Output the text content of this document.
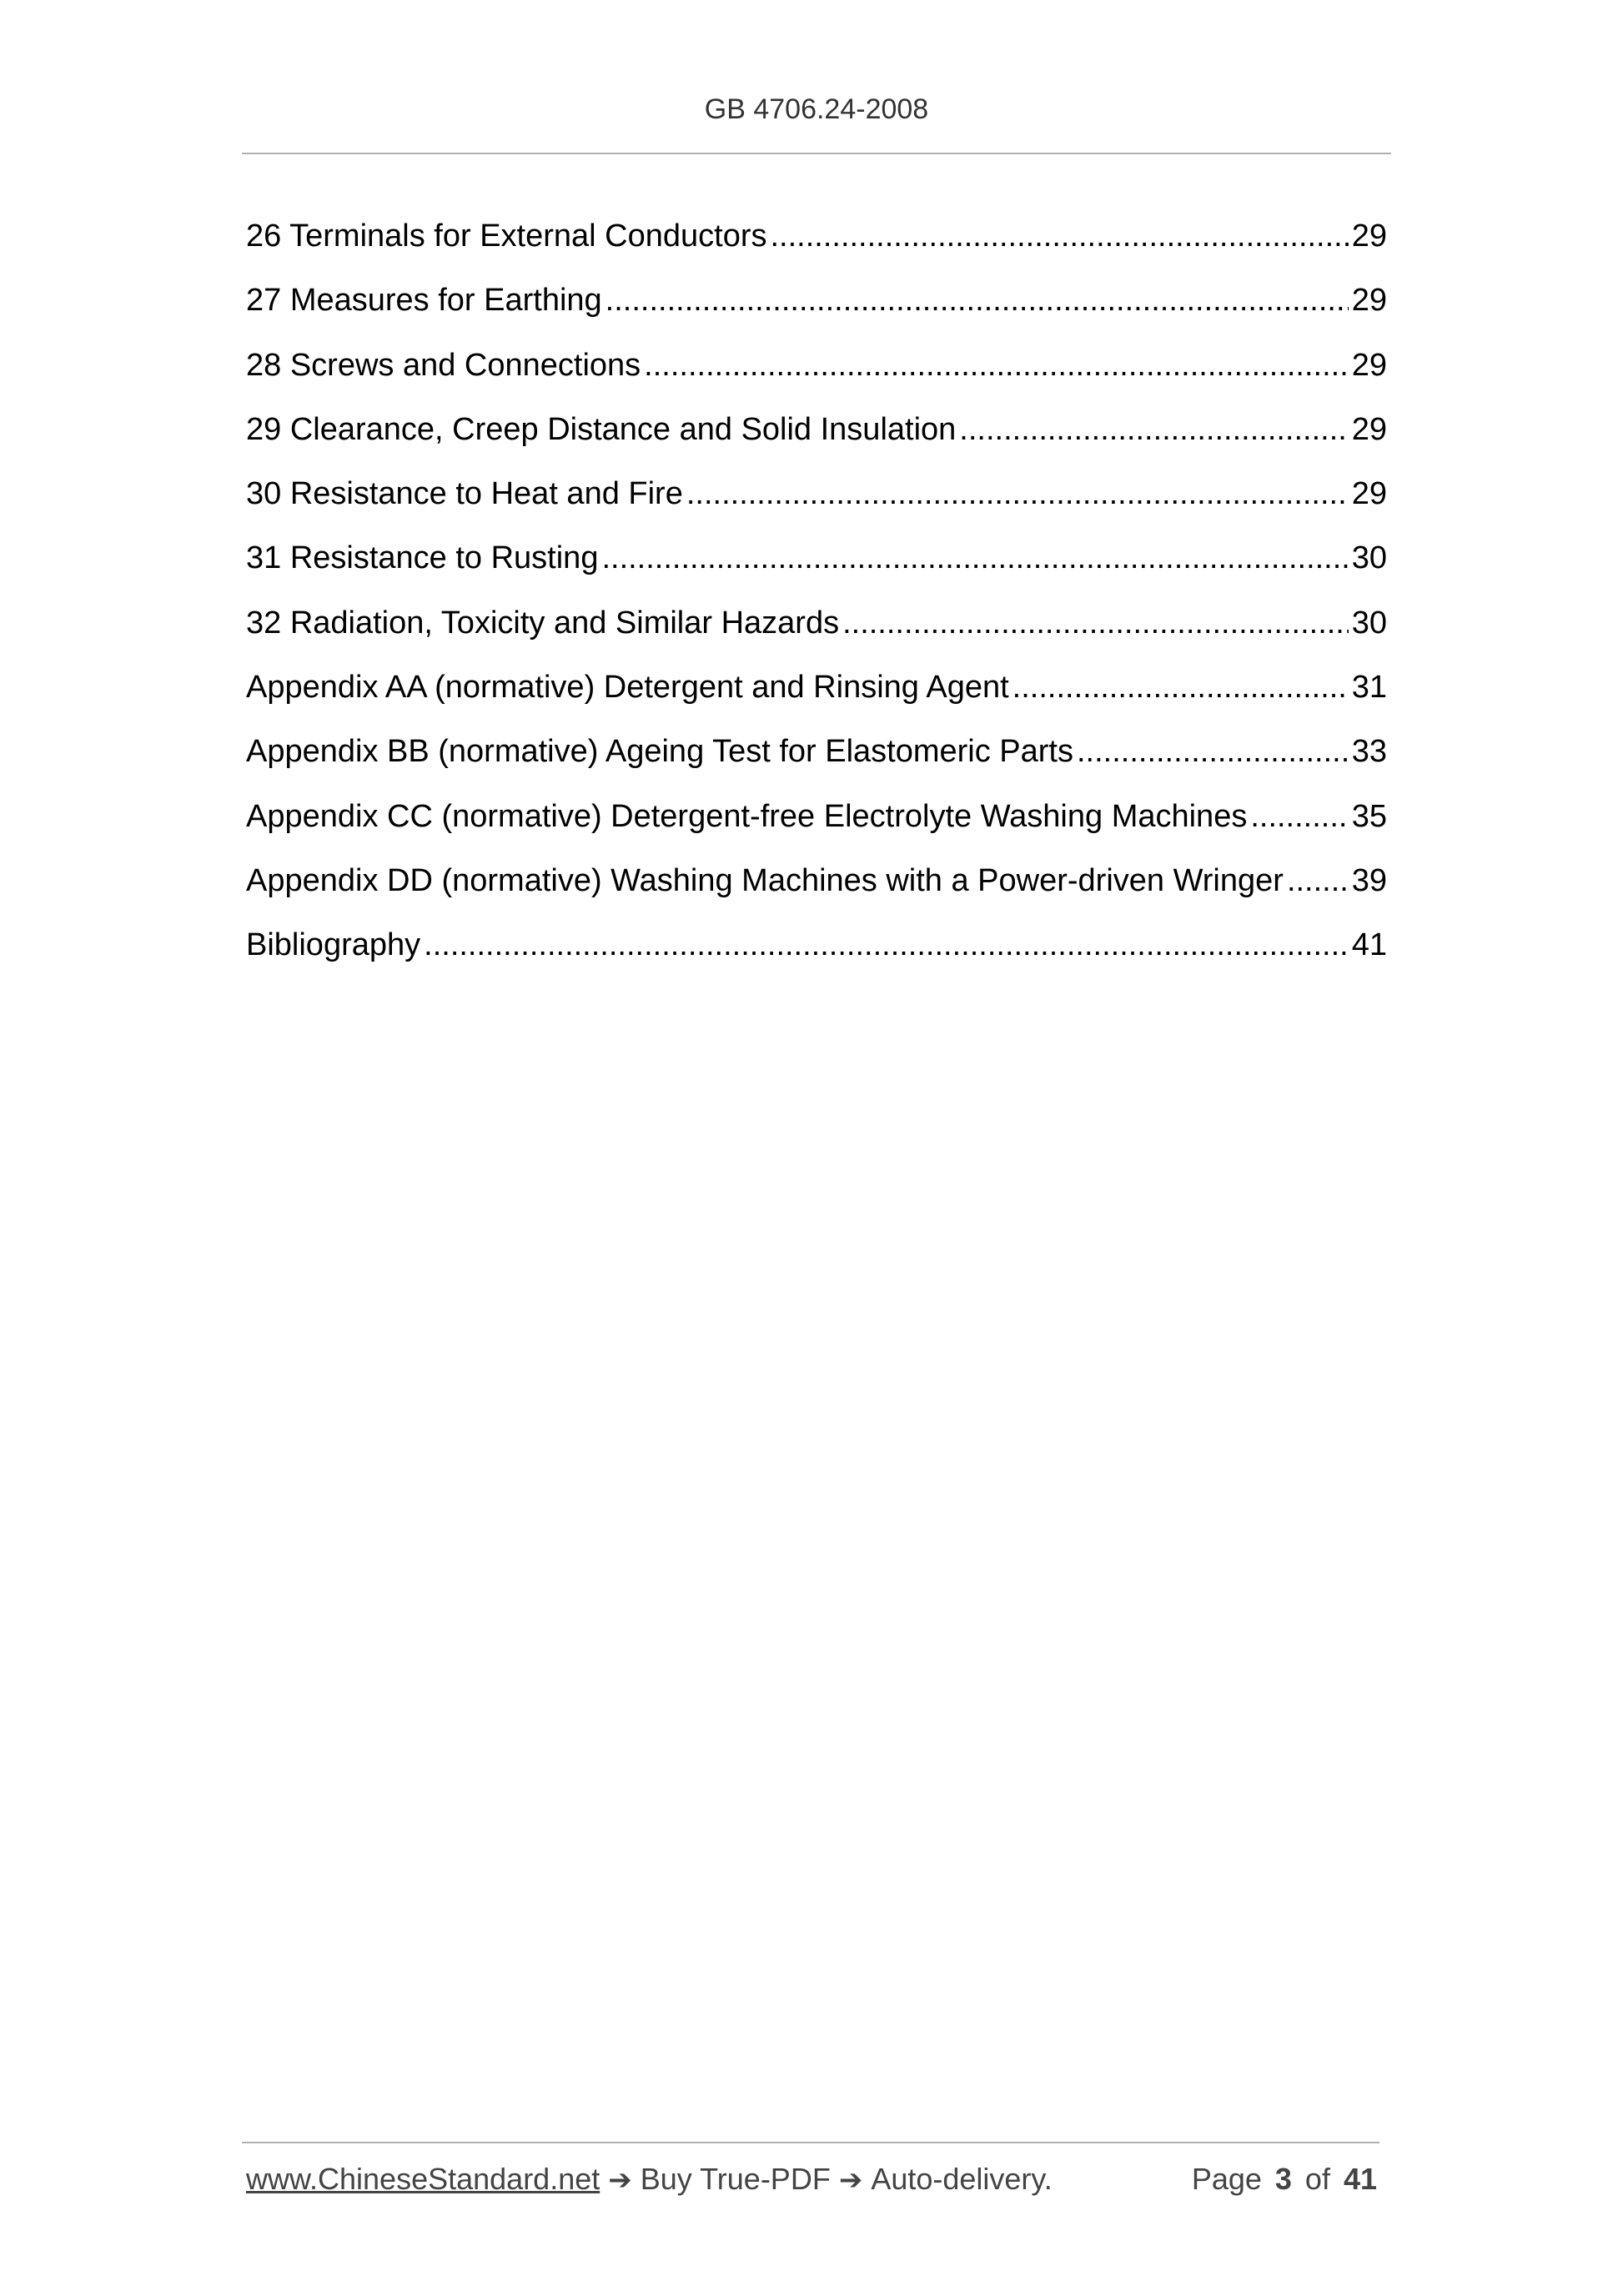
GB 4706.24-2008
26 Terminals for External Conductors .....	29
27 Measures for Earthing .....	29
28 Screws and Connections .....	29
29 Clearance, Creep Distance and Solid Insulation .....	29
30 Resistance to Heat and Fire .....	29
31 Resistance to Rusting .....	30
32 Radiation, Toxicity and Similar Hazards .....	30
Appendix AA (normative) Detergent and Rinsing Agent .....	31
Appendix BB (normative) Ageing Test for Elastomeric Parts .....	33
Appendix CC (normative) Detergent-free Electrolyte Washing Machines .....	35
Appendix DD (normative) Washing Machines with a Power-driven Wringer ..... 39
Bibliography .....	41
www.ChineseStandard.net ➔ Buy True-PDF ➔ Auto-delivery.	Page 3 of 41
